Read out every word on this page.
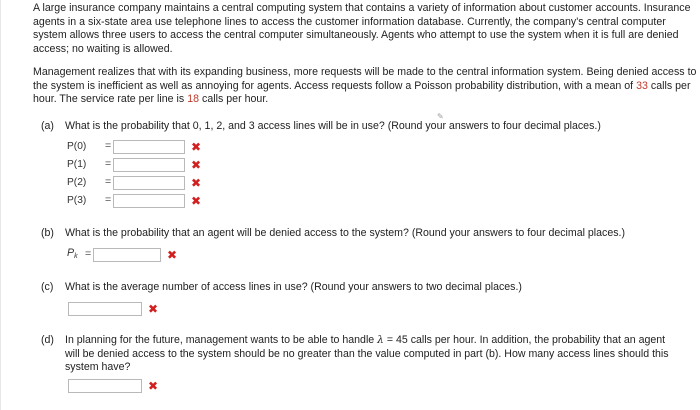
A large insurance company maintains a central computing system that contains a variety of information about customer accounts. Insurance agents in a six-state area use telephone lines to access the customer information database. Currently, the company's central computer system allows three users to access the central computer simultaneously. Agents who attempt to use the system when it is full are denied access; no waiting is allowed.

Management realizes that with its expanding business, more requests will be made to the central information system. Being denied access to the system is inefficient as well as annoying for agents. Access requests follow a Poisson probability distribution, with a mean of 33 calls per hour. The service rate per line is 18 calls per hour.

✎

(a) What is the probability that 0, 1, 2, and 3 access lines will be in use? (Round your answers to four decimal places.)

P(0)	=	✖
P(1)	=	✖
P(2)	=	✖
P(3)	=	✖

(b) What is the probability that an agent will be denied access to the system? (Round your answers to four decimal places.)

Pk =	✖

(c) What is the average number of access lines in use? (Round your answers to two decimal places.)

✖

(d) In planning for the future, management wants to be able to handle λ = 45 calls per hour. In addition, the probability that an agent will be denied access to the system should be no greater than the value computed in part (b). How many access lines should this system have?

✖
